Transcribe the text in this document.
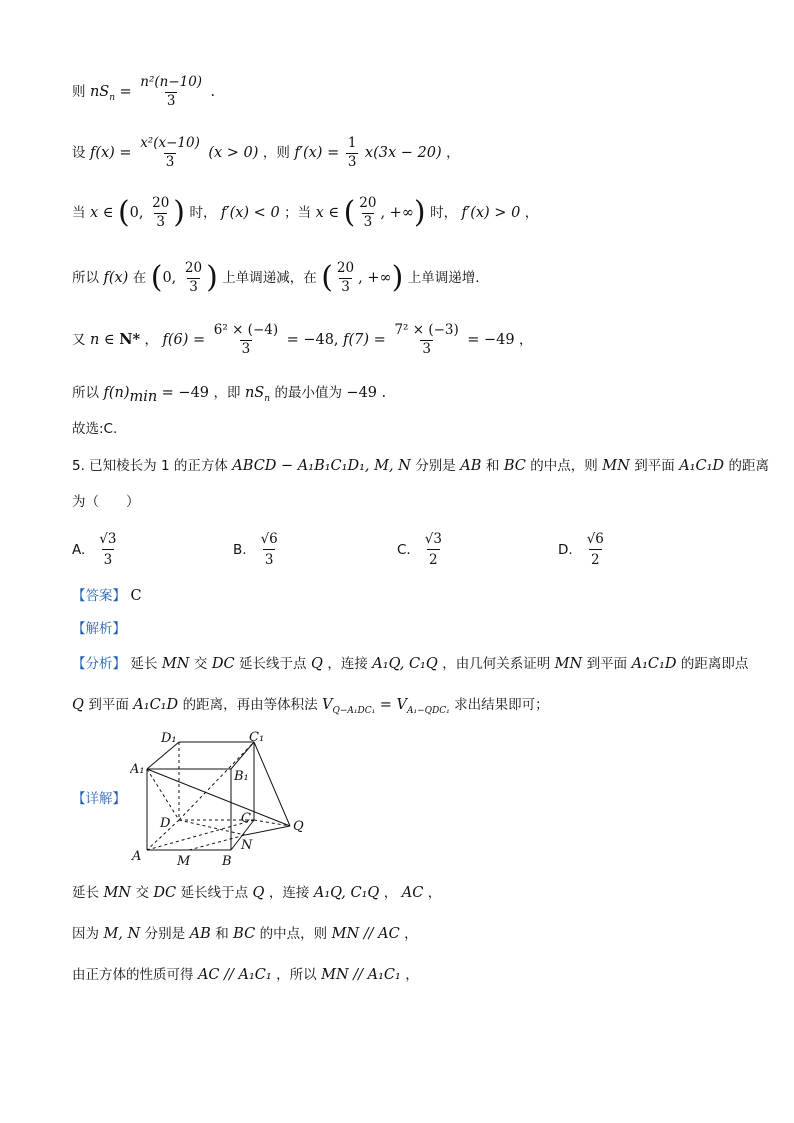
则 $nS_n = \frac{\text{n²(n−10)}}{3}$ .
设 $f(x) = \frac{\text{x²(x−10)}}{3} (x > 0)$ ，则 $f'(x) = \frac{1}{3} x(3x - 20)$ ，
当 x ∈ (0, $\frac{20}{3}$ ) 时， f′(x) < 0 ；当 x ∈ ( $\frac{20}{3}$ , +∞) 时， f′(x) > 0 ，
所以 f(x) 在 (0, $\frac{20}{3}$ ) 上单调递减，在 ( $\frac{20}{3}$ , +∞) 上单调递增.
又 n ∈ N* ， $f(6) = \frac{\text{6² × (−4)}}{3} = -48$, $f(7) = \frac{\text{7² × (−3)}}{3} = -49$ ，
所以 $f(n)_{min} = -49$ ，即 $nS_n$ 的最小值为 −49 .
故选:C.
5. 已知棱长为 1 的正方体 ABCD − A₁B₁C₁D₁, M, N 分别是 AB 和 BC 的中点，则 MN 到平面 A₁C₁D 的距离
为（　　）
A. $\frac{√3}{3}$	B. $\frac{√6}{3}$	C. $\frac{√3}{2}$	D. $\frac{√6}{2}$
【答案】 C
【解析】
【分析】 延长 MN 交 DC 延长线于点 Q ，连接 A₁Q, C₁Q ，由几何关系证明 MN 到平面 A₁C₁D 的距离即点
Q 到平面 A₁C₁D 的距离，再由等体积法 $V_{Q-A_1DC_1} = V_{A_1-QDC_1}$ 求出结果即可；
【详解】
D₁	C₁
A₁	B₁
D	C
Q
A	M B
N
延长 MN 交 DC 延长线于点 Q ，连接 A₁Q, C₁Q ， AC ，
因为 M, N 分别是 AB 和 BC 的中点，则 MN // AC ，
由正方体的性质可得 AC // A₁C₁ ，所以 MN // A₁C₁ ，
